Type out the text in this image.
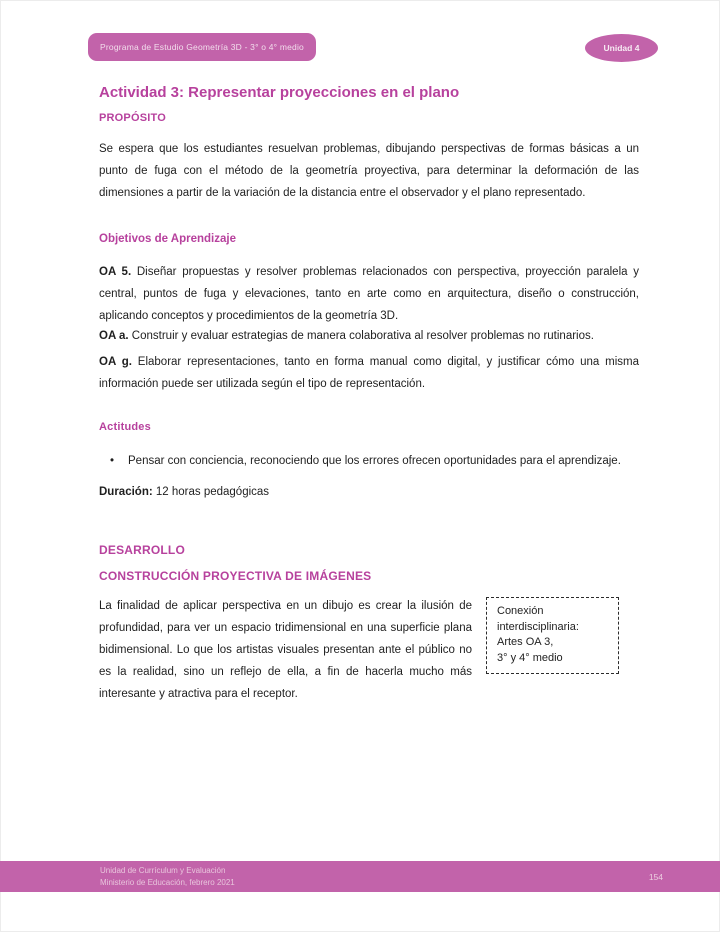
Programa de Estudio Geometría 3D - 3° o 4° medio	Unidad 4
Actividad 3: Representar proyecciones en el plano
PROPÓSITO
Se espera que los estudiantes resuelvan problemas, dibujando perspectivas de formas básicas a un punto de fuga con el método de la geometría proyectiva, para determinar la deformación de las dimensiones a partir de la variación de la distancia entre el observador y el plano representado.
Objetivos de Aprendizaje
OA 5. Diseñar propuestas y resolver problemas relacionados con perspectiva, proyección paralela y central, puntos de fuga y elevaciones, tanto en arte como en arquitectura, diseño o construcción, aplicando conceptos y procedimientos de la geometría 3D.
OA a. Construir y evaluar estrategias de manera colaborativa al resolver problemas no rutinarios.
OA g. Elaborar representaciones, tanto en forma manual como digital, y justificar cómo una misma información puede ser utilizada según el tipo de representación.
Actitudes
•	Pensar con conciencia, reconociendo que los errores ofrecen oportunidades para el aprendizaje.
Duración: 12 horas pedagógicas
DESARROLLO
CONSTRUCCIÓN PROYECTIVA DE IMÁGENES
Conexión
interdisciplinaria:
Artes OA 3,
3° y 4° medio
La finalidad de aplicar perspectiva en un dibujo es crear la ilusión de profundidad, para ver un espacio tridimensional en una superficie plana bidimensional. Lo que los artistas visuales presentan ante el público no es la realidad, sino un reflejo de ella, a fin de hacerla mucho más interesante y atractiva para el receptor.
Unidad de Currículum y Evaluación
Ministerio de Educación, febrero 2021
154
